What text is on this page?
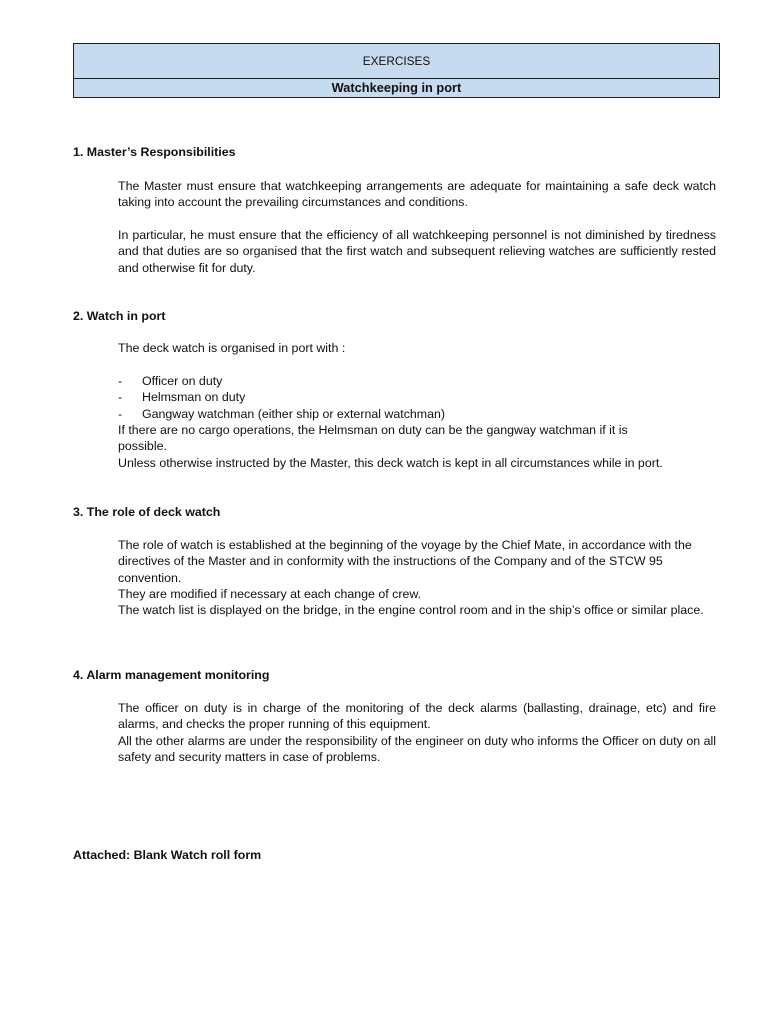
EXERCISES
Watchkeeping in port
1. Master’s Responsibilities

The Master must ensure that watchkeeping arrangements are adequate for maintaining a safe deck watch taking into account the prevailing circumstances and conditions.

In particular, he must ensure that the efficiency of all watchkeeping personnel is not diminished by tiredness and that duties are so organised that the first watch and subsequent relieving watches are sufficiently rested and otherwise fit for duty.

2. Watch in port

The deck watch is organised in port with :

- Officer on duty
- Helmsman on duty
- Gangway watchman (either ship or external watchman)

If there are no cargo operations, the Helmsman on duty can be the gangway watchman if it is possible.

Unless otherwise instructed by the Master, this deck watch is kept in all circumstances while in port.

3. The role of deck watch

The role of watch is established at the beginning of the voyage by the Chief Mate, in accordance with the directives of the Master and in conformity with the instructions of the Company and of the STCW 95 convention.

They are modified if necessary at each change of crew.

The watch list is displayed on the bridge, in the engine control room and in the ship’s office or similar place.

4. Alarm management monitoring

The officer on duty is in charge of the monitoring of the deck alarms (ballasting, drainage, etc) and fire alarms, and checks the proper running of this equipment.

All the other alarms are under the responsibility of the engineer on duty who informs the Officer on duty on all safety and security matters in case of problems.

Attached: Blank Watch roll form
